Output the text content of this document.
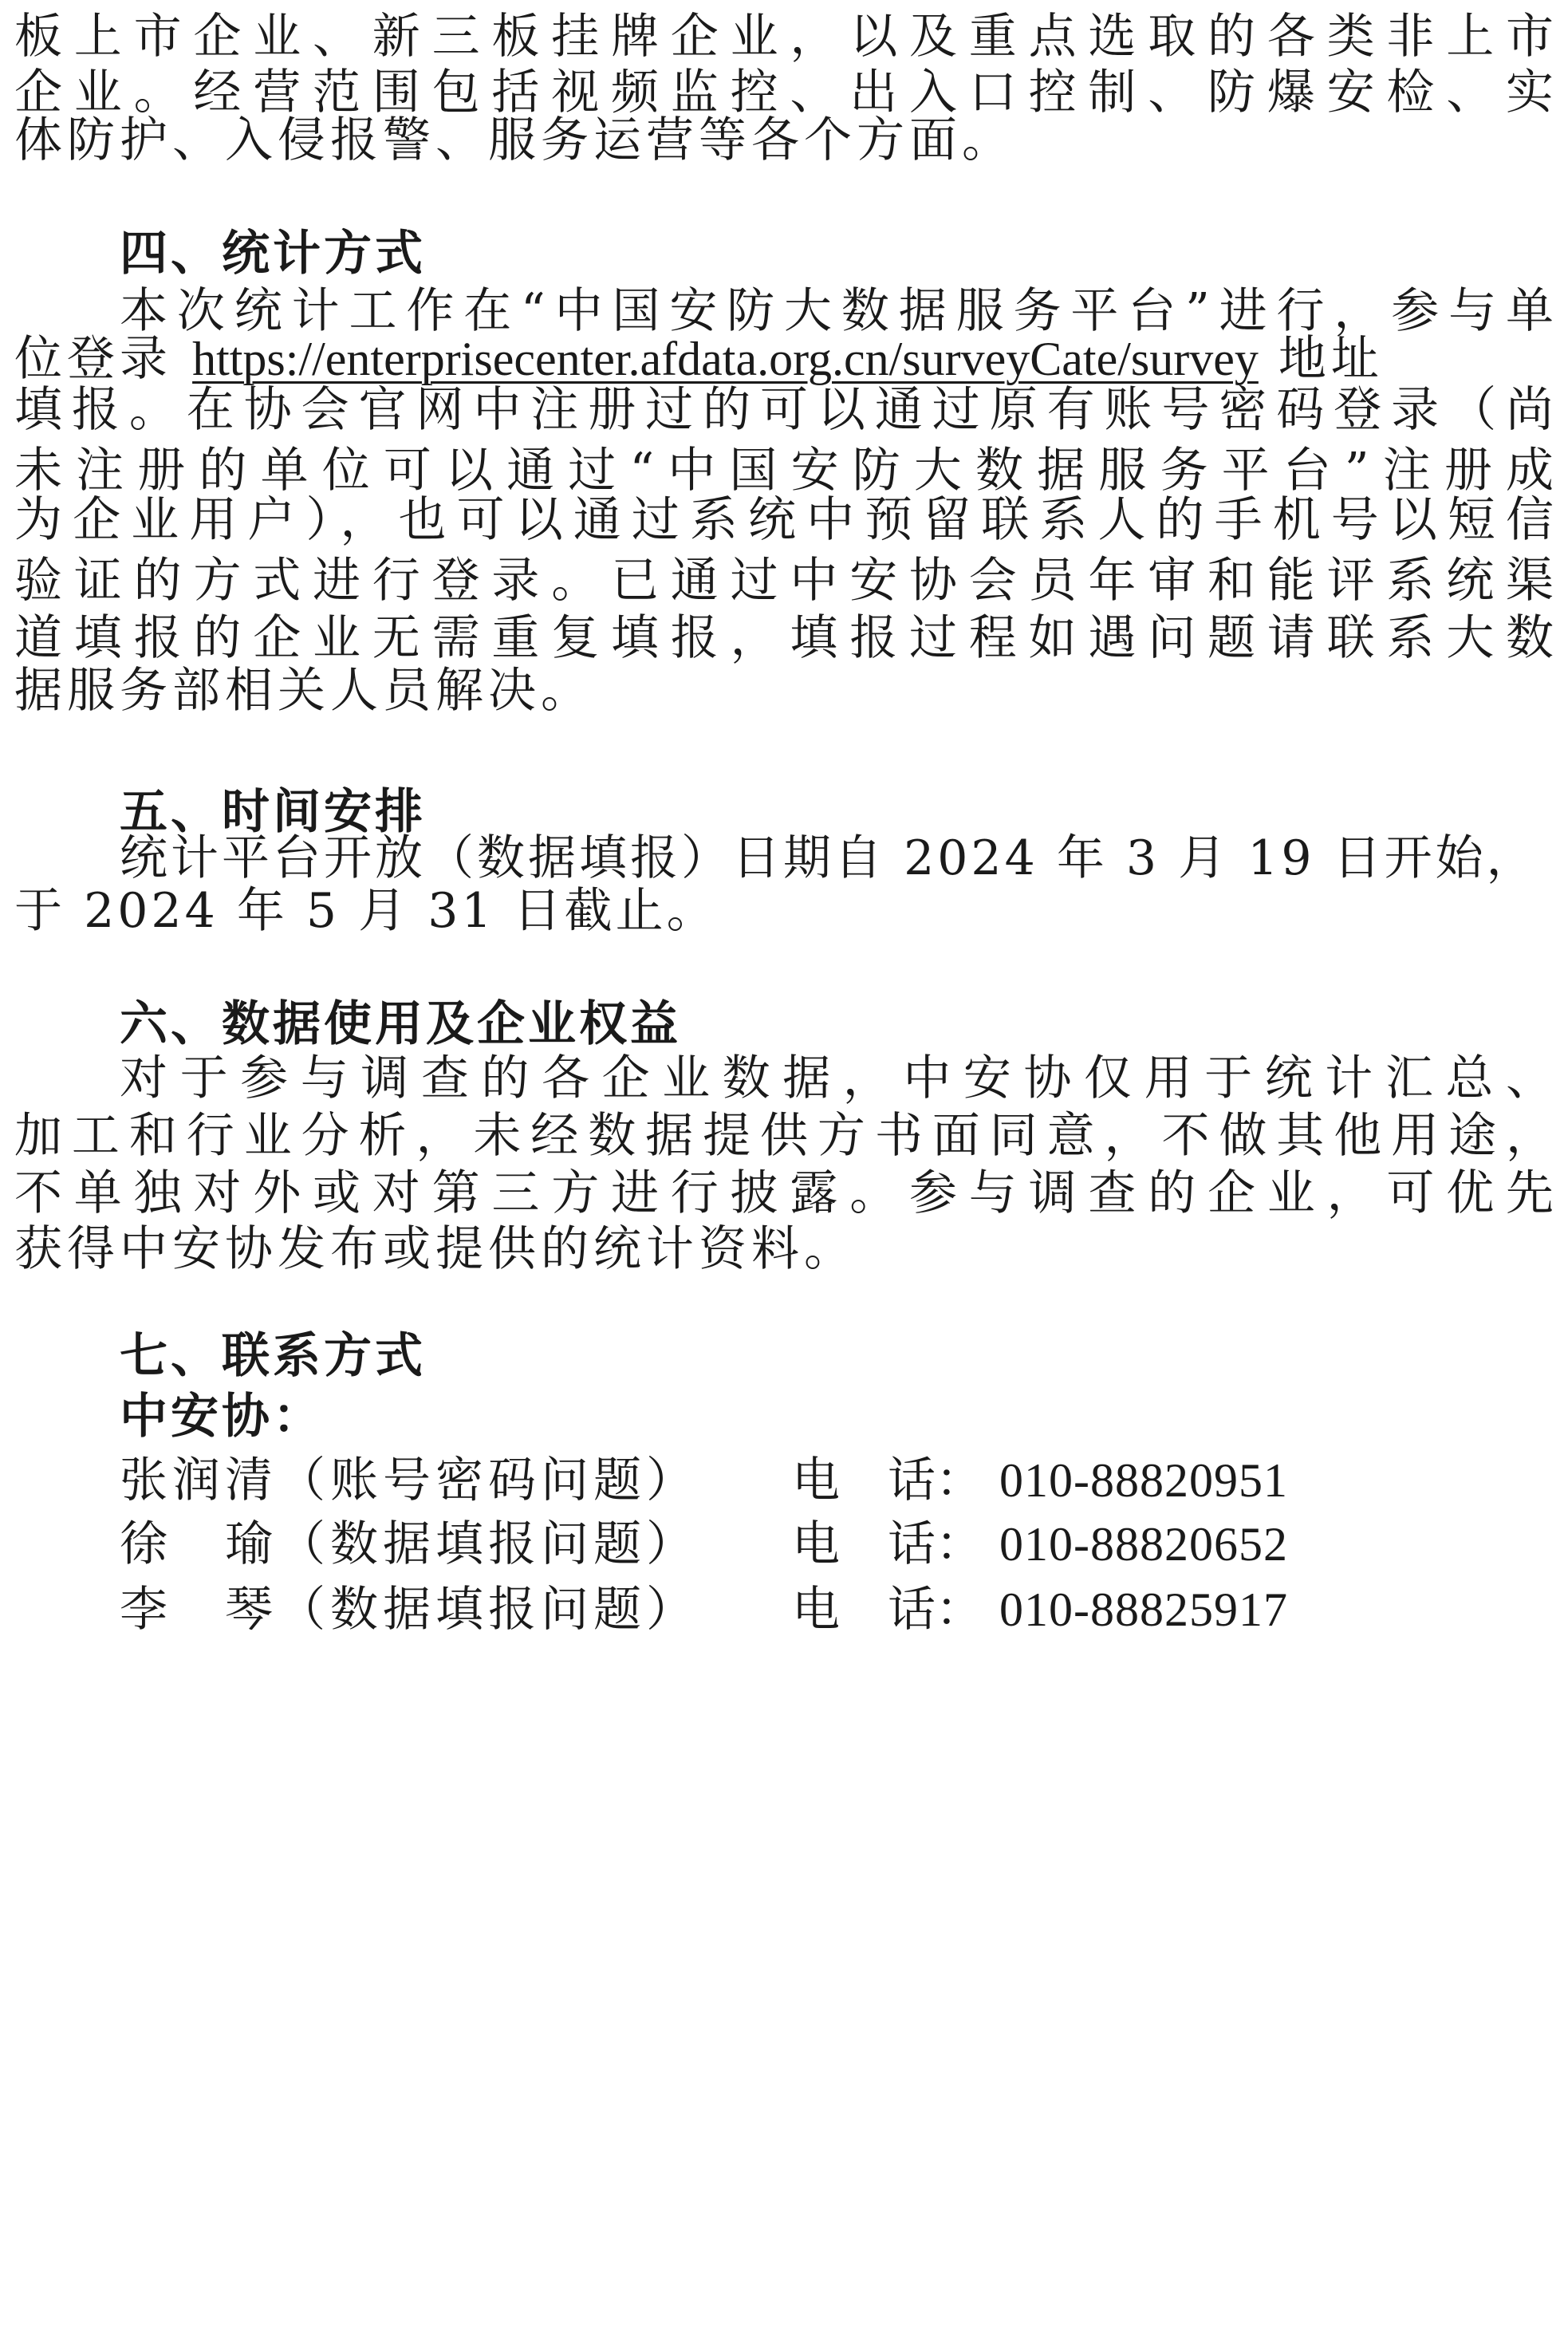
板上市企业、新三板挂牌企业，以及重点选取的各类非上市
企业。经营范围包括视频监控、出入口控制、防爆安检、实
体防护、入侵报警、服务运营等各个方面。
四、统计方式
本次统计工作在“中国安防大数据服务平台”进行，参与单
位登录 https://enterprisecenter.afdata.org.cn/surveyCate/survey 地址
填报。在协会官网中注册过的可以通过原有账号密码登录（尚
未注册的单位可以通过“中国安防大数据服务平台”注册成
为企业用户），也可以通过系统中预留联系人的手机号以短信
验证的方式进行登录。已通过中安协会员年审和能评系统渠
道填报的企业无需重复填报，填报过程如遇问题请联系大数
据服务部相关人员解决。
五、时间安排
统计平台开放（数据填报）日期自 2024 年 3 月 19 日开始，
于 2024 年 5 月 31 日截止。
六、数据使用及企业权益
对于参与调查的各企业数据，中安协仅用于统计汇总、
加工和行业分析，未经数据提供方书面同意，不做其他用途，
不单独对外或对第三方进行披露。参与调查的企业，可优先
获得中安协发布或提供的统计资料。
七、联系方式
中安协：
张润清（账号密码问题） 电　话： 010-88820951
徐　瑜（数据填报问题） 电　话： 010-88820652
李　琴（数据填报问题） 电　话： 010-88825917
